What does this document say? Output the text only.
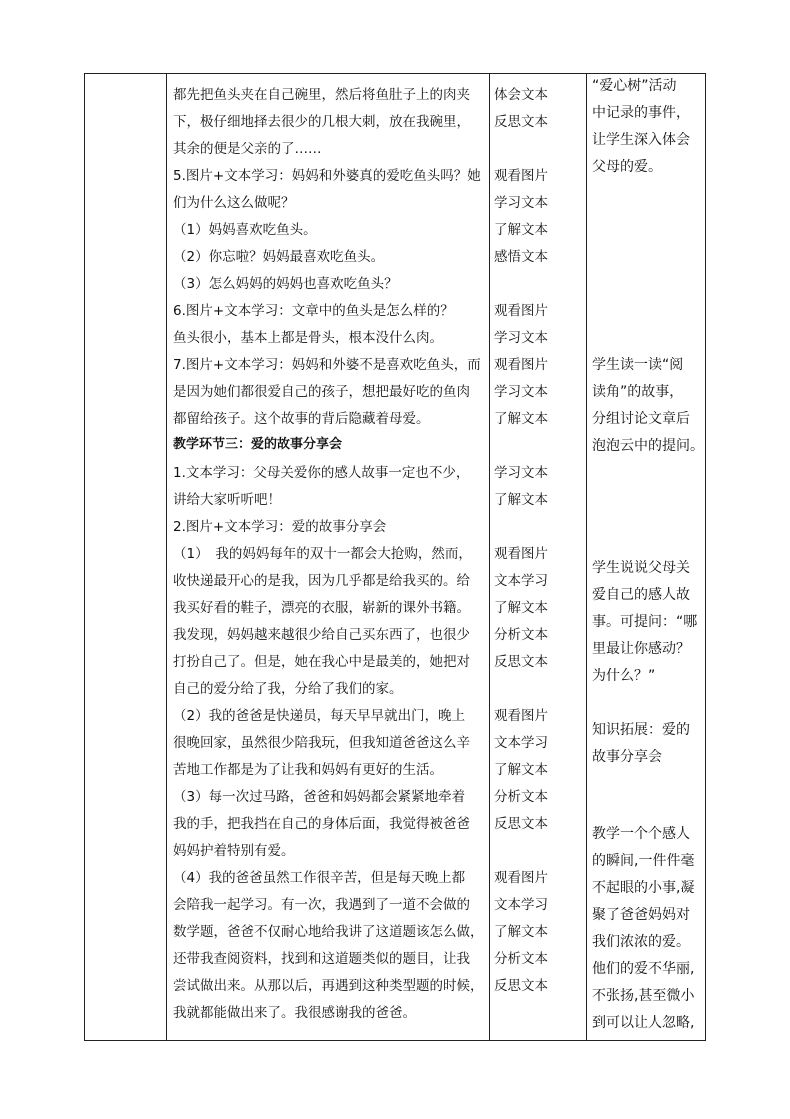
都先把鱼头夹在自己碗里，然后将鱼肚子上的肉夹
下，极仔细地择去很少的几根大刺，放在我碗里，
其余的便是父亲的了……
5.图片+文本学习：妈妈和外婆真的爱吃鱼头吗？她
们为什么这么做呢？
（1）妈妈喜欢吃鱼头。
（2）你忘啦？妈妈最喜欢吃鱼头。
（3）怎么妈妈的妈妈也喜欢吃鱼头？
6.图片+文本学习：文章中的鱼头是怎么样的？
鱼头很小，基本上都是骨头，根本没什么肉。
7.图片+文本学习：妈妈和外婆不是喜欢吃鱼头，而
是因为她们都很爱自己的孩子，想把最好吃的鱼肉
都留给孩子。这个故事的背后隐藏着母爱。
教学环节三：爱的故事分享会
1.文本学习：父母关爱你的感人故事一定也不少，
讲给大家听听吧！
2.图片+文本学习：爱的故事分享会
（1）　我的妈妈每年的双十一都会大抢购，然而，
收快递最开心的是我，因为几乎都是给我买的。给
我买好看的鞋子，漂亮的衣服，崭新的课外书籍。
我发现，妈妈越来越很少给自己买东西了，也很少
打扮自己了。但是，她在我心中是最美的，她把对
自己的爱分给了我，分给了我们的家。
（2）我的爸爸是快递员，每天早早就出门，晚上
很晚回家，虽然很少陪我玩，但我知道爸爸这么辛
苦地工作都是为了让我和妈妈有更好的生活。
（3）每一次过马路，爸爸和妈妈都会紧紧地牵着
我的手，把我挡在自己的身体后面，我觉得被爸爸
妈妈护着特别有爱。
（4）我的爸爸虽然工作很辛苦，但是每天晚上都
会陪我一起学习。有一次，我遇到了一道不会做的
数学题，爸爸不仅耐心地给我讲了这道题该怎么做，
还带我查阅资料，找到和这道题类似的题目，让我
尝试做出来。从那以后，再遇到这种类型题的时候，
我就都能做出来了。我很感谢我的爸爸。
体会文本
反思文本
观看图片
学习文本
了解文本
感悟文本
观看图片
学习文本
观看图片
学习文本
了解文本
学习文本
了解文本
观看图片
文本学习
了解文本
分析文本
反思文本
观看图片
文本学习
了解文本
分析文本
反思文本
观看图片
文本学习
了解文本
分析文本
反思文本
“爱心树”活动
中记录的事件，
让学生深入体会
父母的爱。
学生读一读“阅
读角”的故事，
分组讨论文章后
泡泡云中的提问。
学生说说父母关
爱自己的感人故
事。可提问：“哪
里最让你感动？
为什么？”
知识拓展：爱的
故事分享会
教学一个个感人
的瞬间,一件件毫
不起眼的小事,凝
聚了爸爸妈妈对
我们浓浓的爱。
他们的爱不华丽,
不张扬,甚至微小
到可以让人忽略,
